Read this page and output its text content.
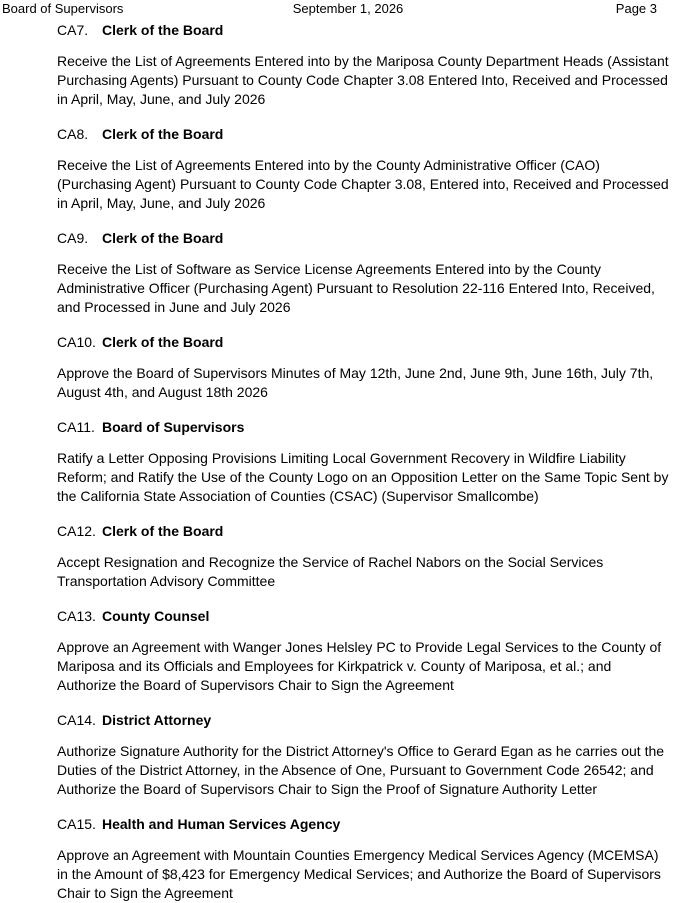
Board of Supervisors	September 1, 2026	Page 3
CA7. Clerk of the Board
Receive the List of Agreements Entered into by the Mariposa County Department Heads (Assistant Purchasing Agents) Pursuant to County Code Chapter 3.08 Entered Into, Received and Processed in April, May, June, and July 2026
CA8. Clerk of the Board
Receive the List of Agreements Entered into by the County Administrative Officer (CAO) (Purchasing Agent) Pursuant to County Code Chapter 3.08, Entered into, Received and Processed in April, May, June, and July 2026
CA9. Clerk of the Board
Receive the List of Software as Service License Agreements Entered into by the County Administrative Officer (Purchasing Agent) Pursuant to Resolution 22-116 Entered Into, Received, and Processed in June and July 2026
CA10. Clerk of the Board
Approve the Board of Supervisors Minutes of May 12th, June 2nd, June 9th, June 16th, July 7th, August 4th, and August 18th 2026
CA11. Board of Supervisors
Ratify a Letter Opposing Provisions Limiting Local Government Recovery in Wildfire Liability Reform; and Ratify the Use of the County Logo on an Opposition Letter on the Same Topic Sent by the California State Association of Counties (CSAC) (Supervisor Smallcombe)
CA12. Clerk of the Board
Accept Resignation and Recognize the Service of Rachel Nabors on the Social Services Transportation Advisory Committee
CA13. County Counsel
Approve an Agreement with Wanger Jones Helsley PC to Provide Legal Services to the County of Mariposa and its Officials and Employees for Kirkpatrick v. County of Mariposa, et al.; and Authorize the Board of Supervisors Chair to Sign the Agreement
CA14. District Attorney
Authorize Signature Authority for the District Attorney's Office to Gerard Egan as he carries out the Duties of the District Attorney, in the Absence of One, Pursuant to Government Code 26542; and Authorize the Board of Supervisors Chair to Sign the Proof of Signature Authority Letter
CA15. Health and Human Services Agency
Approve an Agreement with Mountain Counties Emergency Medical Services Agency (MCEMSA) in the Amount of $8,423 for Emergency Medical Services; and Authorize the Board of Supervisors Chair to Sign the Agreement
